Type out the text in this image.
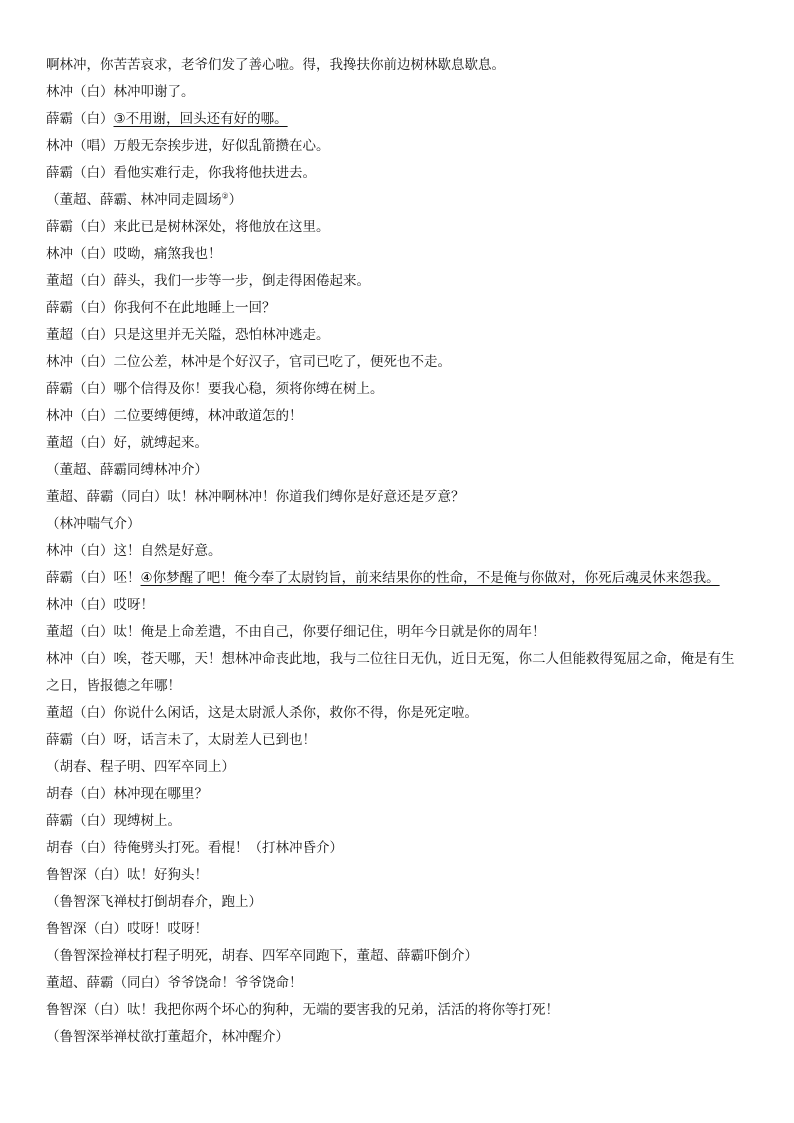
啊林冲，你苦苦哀求，老爷们发了善心啦。得，我搀扶你前边树林歇息歇息。
林冲（白）林冲叩谢了。
薛霸（白）③不用谢，回头还有好的哪。
林冲（唱）万般无奈挨步进，好似乱箭攒在心。
薛霸（白）看他实难行走，你我将他扶进去。
（董超、薛霸、林冲同走圆场②）
薛霸（白）来此已是树林深处，将他放在这里。
林冲（白）哎呦，痛煞我也！
董超（白）薛头，我们一步等一步，倒走得困倦起来。
薛霸（白）你我何不在此地睡上一回？
董超（白）只是这里并无关隘，恐怕林冲逃走。
林冲（白）二位公差，林冲是个好汉子，官司已吃了，便死也不走。
薛霸（白）哪个信得及你！要我心稳，须将你缚在树上。
林冲（白）二位要缚便缚，林冲敢道怎的！
董超（白）好，就缚起来。
（董超、薛霸同缚林冲介）
董超、薛霸（同白）呔！林冲啊林冲！你道我们缚你是好意还是歹意？
（林冲喘气介）
林冲（白）这！自然是好意。
薛霸（白）呸！④你梦醒了吧！俺今奉了太尉钧旨，前来结果你的性命，不是俺与你做对，你死后魂灵休来怨我。
林冲（白）哎呀！
董超（白）呔！俺是上命差遣，不由自己，你要仔细记住，明年今日就是你的周年！
林冲（白）唉，苍天哪，天！想林冲命丧此地，我与二位往日无仇，近日无冤，你二人但能救得冤屈之命，俺是有生之日，皆报德之年哪！
董超（白）你说什么闲话，这是太尉派人杀你，救你不得，你是死定啦。
薛霸（白）呀，话言未了，太尉差人已到也！
（胡春、程子明、四军卒同上）
胡春（白）林冲现在哪里？
薛霸（白）现缚树上。
胡春（白）待俺劈头打死。看棍！（打林冲昏介）
鲁智深（白）呔！好狗头！
（鲁智深飞禅杖打倒胡春介，跑上）
鲁智深（白）哎呀！哎呀！
（鲁智深捡禅杖打程子明死，胡春、四军卒同跑下，董超、薛霸吓倒介）
董超、薛霸（同白）爷爷饶命！爷爷饶命！
鲁智深（白）呔！我把你两个坏心的狗种，无端的要害我的兄弟，活活的将你等打死！
（鲁智深举禅杖欲打董超介，林冲醒介）
